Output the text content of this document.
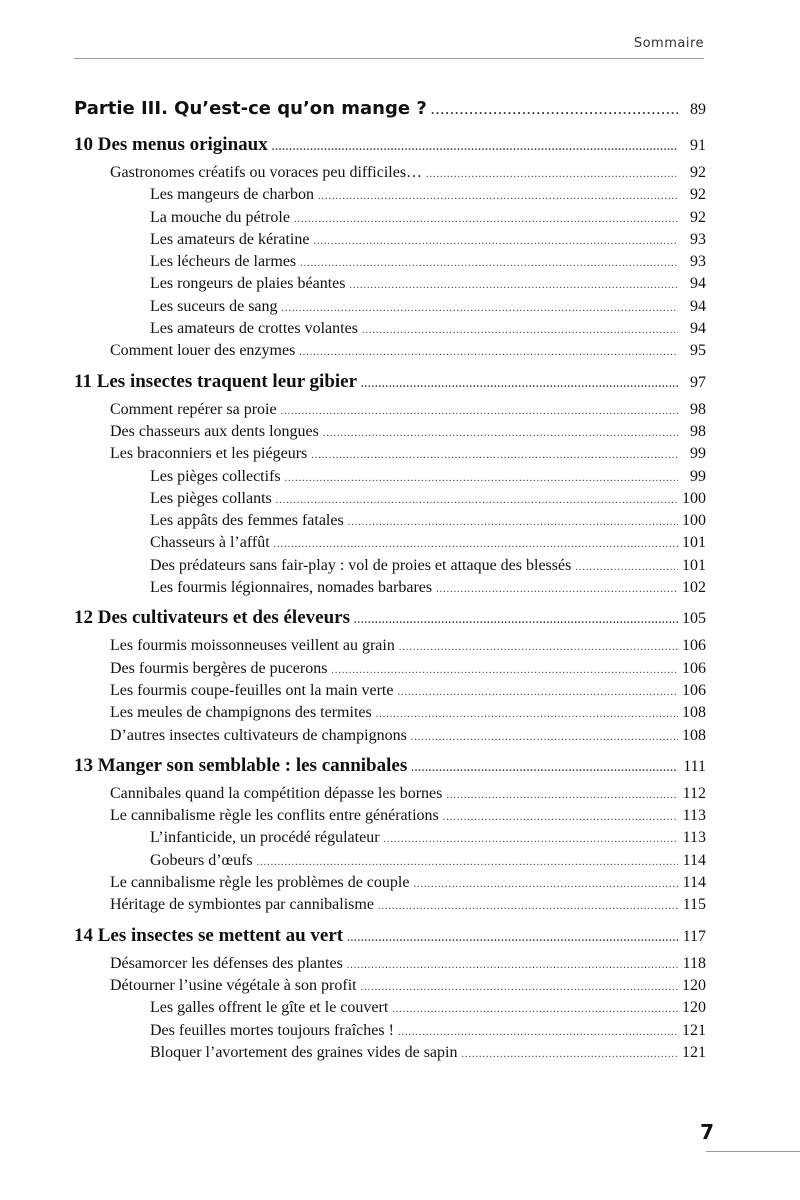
Sommaire
Partie III. Qu’est-ce qu’on mange ? .....	89
10 Des menus originaux .....	91
Gastronomes créatifs ou voraces peu difficiles… .....	92
Les mangeurs de charbon .....	92
La mouche du pétrole .....	92
Les amateurs de kératine .....	93
Les lécheurs de larmes .....	93
Les rongeurs de plaies béantes .....	94
Les suceurs de sang .....	94
Les amateurs de crottes volantes .....	94
Comment louer des enzymes .....	95
11 Les insectes traquent leur gibier .....	97
Comment repérer sa proie .....	98
Des chasseurs aux dents longues .....	98
Les braconniers et les piégeurs .....	99
Les pièges collectifs .....	99
Les pièges collants .....	100
Les appâts des femmes fatales .....	100
Chasseurs à l’affût .....	101
Des prédateurs sans fair-play : vol de proies et attaque des blessés .....	101
Les fourmis légionnaires, nomades barbares .....	102
12 Des cultivateurs et des éleveurs .....	105
Les fourmis moissonneuses veillent au grain .....	106
Des fourmis bergères de pucerons .....	106
Les fourmis coupe-feuilles ont la main verte .....	106
Les meules de champignons des termites .....	108
D’autres insectes cultivateurs de champignons .....	108
13 Manger son semblable : les cannibales .....	111
Cannibales quand la compétition dépasse les bornes .....	112
Le cannibalisme règle les conflits entre générations .....	113
L’infanticide, un procédé régulateur .....	113
Gobeurs d’œufs .....	114
Le cannibalisme règle les problèmes de couple .....	114
Héritage de symbiontes par cannibalisme .....	115
14 Les insectes se mettent au vert .....	117
Désamorcer les défenses des plantes .....	118
Détourner l’usine végétale à son profit .....	120
Les galles offrent le gîte et le couvert .....	120
Des feuilles mortes toujours fraîches ! .....	121
Bloquer l’avortement des graines vides de sapin .....	121
7
